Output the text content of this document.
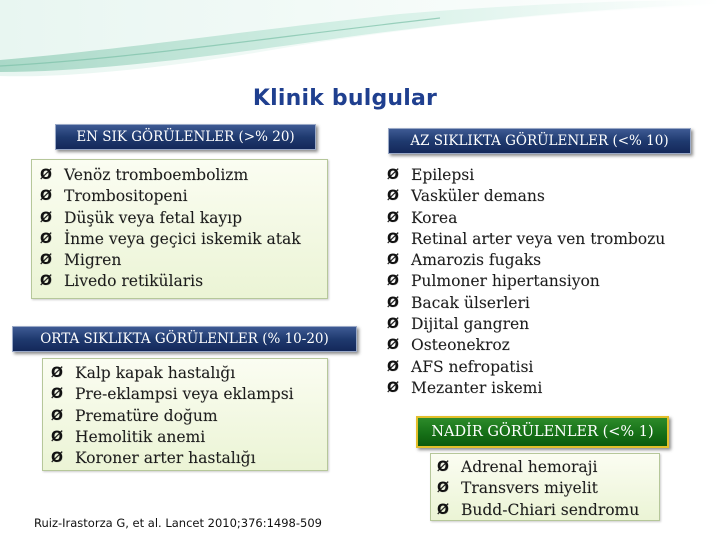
Klinik bulgular
EN SIK GÖRÜLENLER (>% 20)
Ø Venöz tromboembolizm
Ø Trombositopeni
Ø Düşük veya fetal kayıp
Ø İnme veya geçici iskemik atak
Ø Migren
Ø Livedo retikülaris
ORTA SIKLIKTA GÖRÜLENLER (% 10-20)
Ø Kalp kapak hastalığı
Ø Pre-eklampsi veya eklampsi
Ø Prematüre doğum
Ø Hemolitik anemi
Ø Koroner arter hastalığı
AZ SIKLIKTA GÖRÜLENLER (<% 10)
Ø Epilepsi
Ø Vasküler demans
Ø Korea
Ø Retinal arter veya ven trombozu
Ø Amarozis fugaks
Ø Pulmoner hipertansiyon
Ø Bacak ülserleri
Ø Dijital gangren
Ø Osteonekroz
Ø AFS nefropatisi
Ø Mezanter iskemi
NADİR GÖRÜLENLER (<% 1)
Ø Adrenal hemoraji
Ø Transvers miyelit
Ø Budd-Chiari sendromu
Ruiz-Irastorza G, et al. Lancet 2010;376:1498-509
